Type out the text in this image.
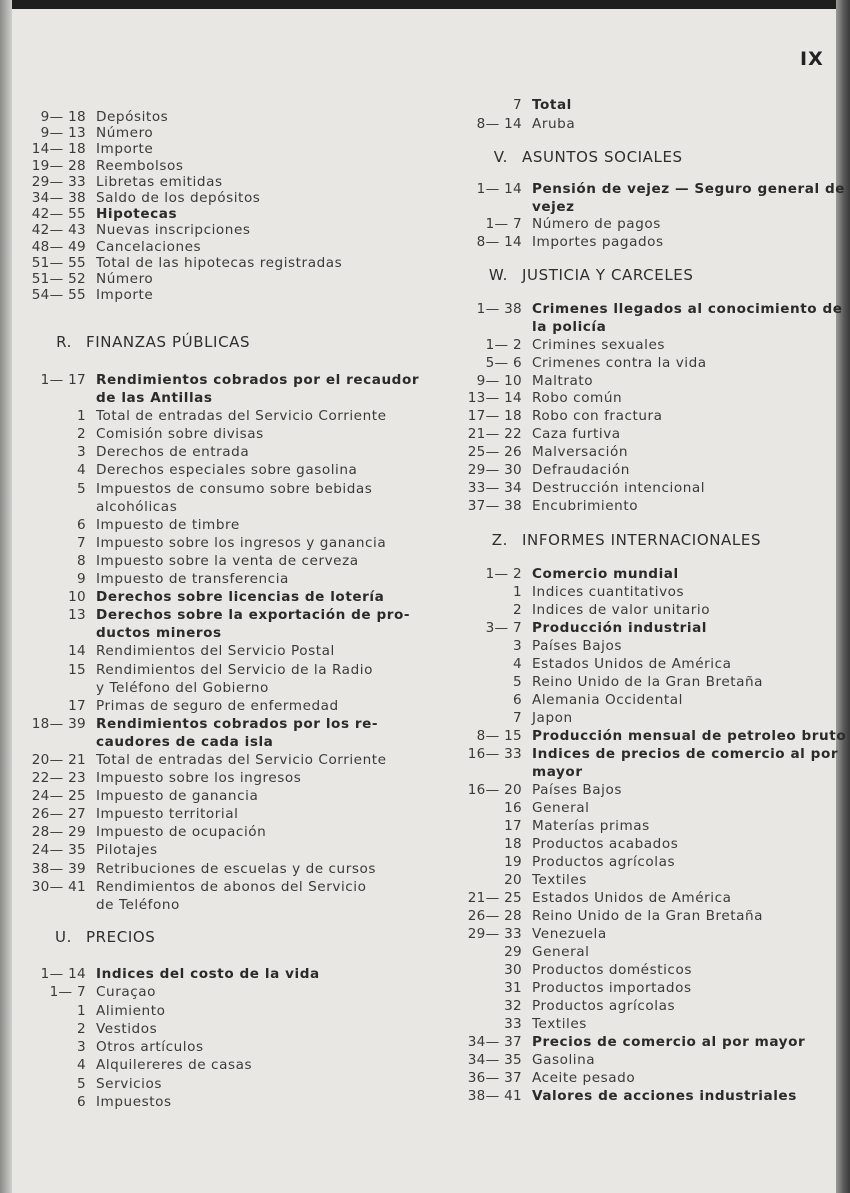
IX
9— 18 Depósitos
9— 13 Número
14— 18 Importe
19— 28 Reembolsos
29— 33 Libretas emitidas
34— 38 Saldo de los depósitos
42— 55 Hipotecas
42— 43 Nuevas inscripciones
48— 49 Cancelaciones
51— 55 Total de las hipotecas registradas
51— 52 Número
54— 55 Importe
R. FINANZAS PÚBLICAS
1— 17 Rendimientos cobrados por el recaudor
de las Antillas
1 Total de entradas del Servicio Corriente
2 Comisión sobre divisas
3 Derechos de entrada
4 Derechos especiales sobre gasolina
5 Impuestos de consumo sobre bebidas
alcohólicas
6 Impuesto de timbre
7 Impuesto sobre los ingresos y ganancia
8 Impuesto sobre la venta de cerveza
9 Impuesto de transferencia
10 Derechos sobre licencias de lotería
13 Derechos sobre la exportación de pro-
ductos mineros
14 Rendimientos del Servicio Postal
15 Rendimientos del Servicio de la Radio
y Teléfono del Gobierno
17 Primas de seguro de enfermedad
18— 39 Rendimientos cobrados por los re-
caudores de cada isla
20— 21 Total de entradas del Servicio Corriente
22— 23 Impuesto sobre los ingresos
24— 25 Impuesto de ganancia
26— 27 Impuesto territorial
28— 29 Impuesto de ocupación
24— 35 Pilotajes
38— 39 Retribuciones de escuelas y de cursos
30— 41 Rendimientos de abonos del Servicio
de Teléfono
U. PRECIOS
1— 14 Indices del costo de la vida
1— 7 Curaçao
1 Alimiento
2 Vestidos
3 Otros artículos
4 Alquilereres de casas
5 Servicios
6 Impuestos
7 Total
8— 14 Aruba
V. ASUNTOS SOCIALES
1— 14 Pensión de vejez — Seguro general de
vejez
1— 7 Número de pagos
8— 14 Importes pagados
W. JUSTICIA Y CARCELES
1— 38 Crimenes llegados al conocimiento de
la policía
1— 2 Crimines sexuales
5— 6 Crimenes contra la vida
9— 10 Maltrato
13— 14 Robo común
17— 18 Robo con fractura
21— 22 Caza furtiva
25— 26 Malversación
29— 30 Defraudación
33— 34 Destrucción intencional
37— 38 Encubrimiento
Z. INFORMES INTERNACIONALES
1— 2 Comercio mundial
1 Indices cuantitativos
2 Indices de valor unitario
3— 7 Producción industrial
3 Países Bajos
4 Estados Unidos de América
5 Reino Unido de la Gran Bretaña
6 Alemania Occidental
7 Japon
8— 15 Producción mensual de petroleo bruto
16— 33 Indices de precios de comercio al por
mayor
16— 20 Países Bajos
16 General
17 Materías primas
18 Productos acabados
19 Productos agrícolas
20 Textiles
21— 25 Estados Unidos de América
26— 28 Reino Unido de la Gran Bretaña
29— 33 Venezuela
29 General
30 Productos domésticos
31 Productos importados
32 Productos agrícolas
33 Textiles
34— 37 Precios de comercio al por mayor
34— 35 Gasolina
36— 37 Aceite pesado
38— 41 Valores de acciones industriales
